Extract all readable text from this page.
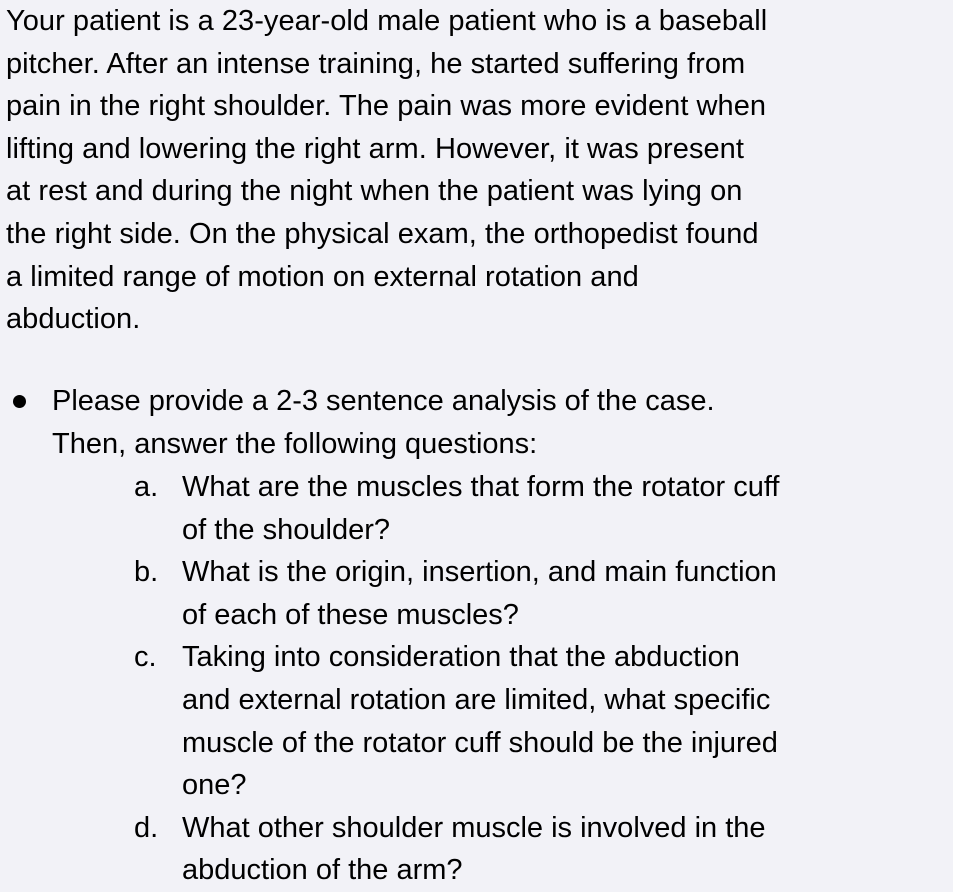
Your patient is a 23-year-old male patient who is a baseball
pitcher. After an intense training, he started suffering from
pain in the right shoulder. The pain was more evident when
lifting and lowering the right arm. However, it was present
at rest and during the night when the patient was lying on
the right side. On the physical exam, the orthopedist found
a limited range of motion on external rotation and
abduction.
Please provide a 2-3 sentence analysis of the case.
Then, answer the following questions:
a. What are the muscles that form the rotator cuff
of the shoulder?
b. What is the origin, insertion, and main function
of each of these muscles?
c. Taking into consideration that the abduction
and external rotation are limited, what specific
muscle of the rotator cuff should be the injured
one?
d. What other shoulder muscle is involved in the
abduction of the arm?
